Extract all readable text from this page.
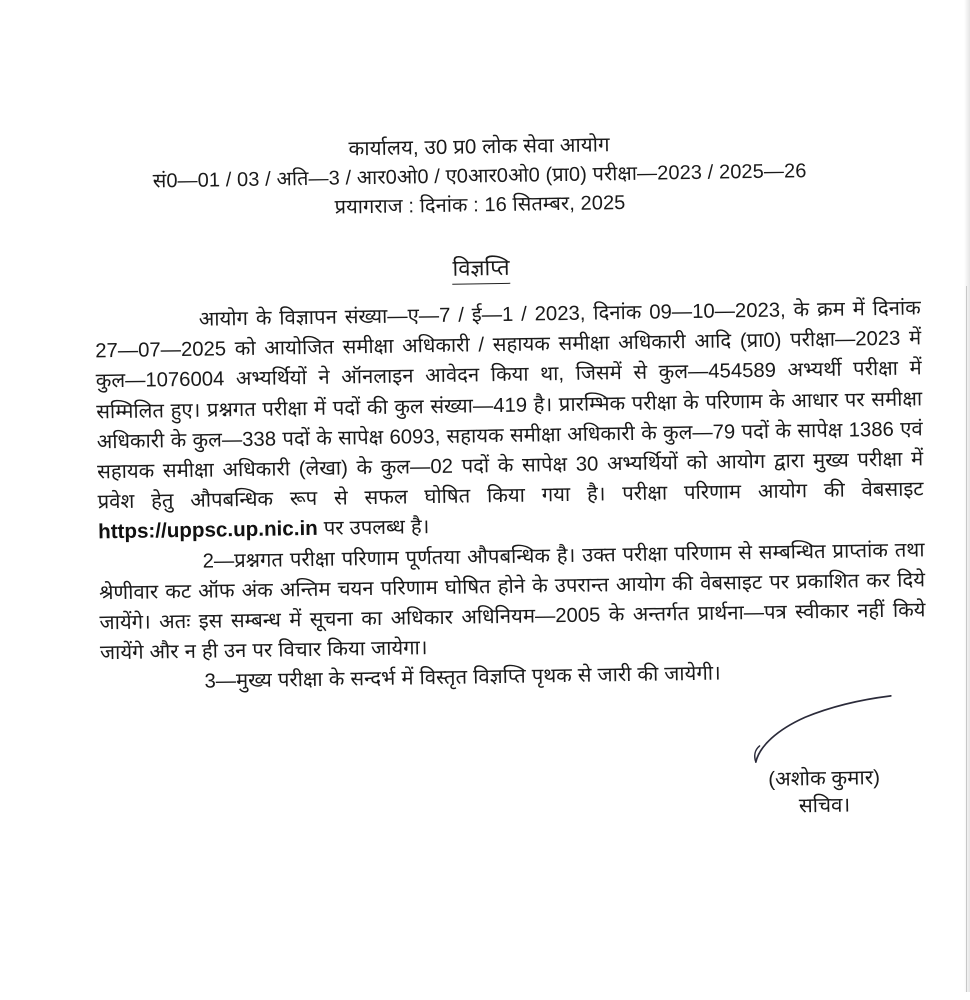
कार्यालय, उ0 प्र0 लोक सेवा आयोग
सं0—01 / 03 / अति—3 / आर0ओ0 / ए0आर0ओ0 (प्रा0) परीक्षा—2023 / 2025—26
प्रयागराज : दिनांक : 16 सितम्बर, 2025
विज्ञप्ति

आयोग के विज्ञापन संख्या—ए—7 / ई—1 / 2023, दिनांक 09—10—2023, के क्रम में दिनांक 27—07—2025 को आयोजित समीक्षा अधिकारी / सहायक समीक्षा अधिकारी आदि (प्रा0) परीक्षा—2023 में कुल—1076004 अभ्यर्थियों ने ऑनलाइन आवेदन किया था, जिसमें से कुल—454589 अभ्यर्थी परीक्षा में सम्मिलित हुए। प्रश्नगत परीक्षा में पदों की कुल संख्या—419 है। प्रारम्भिक परीक्षा के परिणाम के आधार पर समीक्षा अधिकारी के कुल—338 पदों के सापेक्ष 6093, सहायक समीक्षा अधिकारी के कुल—79 पदों के सापेक्ष 1386 एवं सहायक समीक्षा अधिकारी (लेखा) के कुल—02 पदों के सापेक्ष 30 अभ्यर्थियों को आयोग द्वारा मुख्य परीक्षा में प्रवेश हेतु औपबन्धिक रूप से सफल घोषित किया गया है। परीक्षा परिणाम आयोग की वेबसाइट https://uppsc.up.nic.in पर उपलब्ध है।

2—प्रश्नगत परीक्षा परिणाम पूर्णतया औपबन्धिक है। उक्त परीक्षा परिणाम से सम्बन्धित प्राप्तांक तथा श्रेणीवार कट ऑफ अंक अन्तिम चयन परिणाम घोषित होने के उपरान्त आयोग की वेबसाइट पर प्रकाशित कर दिये जायेंगे। अतः इस सम्बन्ध में सूचना का अधिकार अधिनियम—2005 के अन्तर्गत प्रार्थना—पत्र स्वीकार नहीं किये जायेंगे और न ही उन पर विचार किया जायेगा।

3—मुख्य परीक्षा के सन्दर्भ में विस्तृत विज्ञप्ति पृथक से जारी की जायेगी।

(अशोक कुमार)
सचिव।
